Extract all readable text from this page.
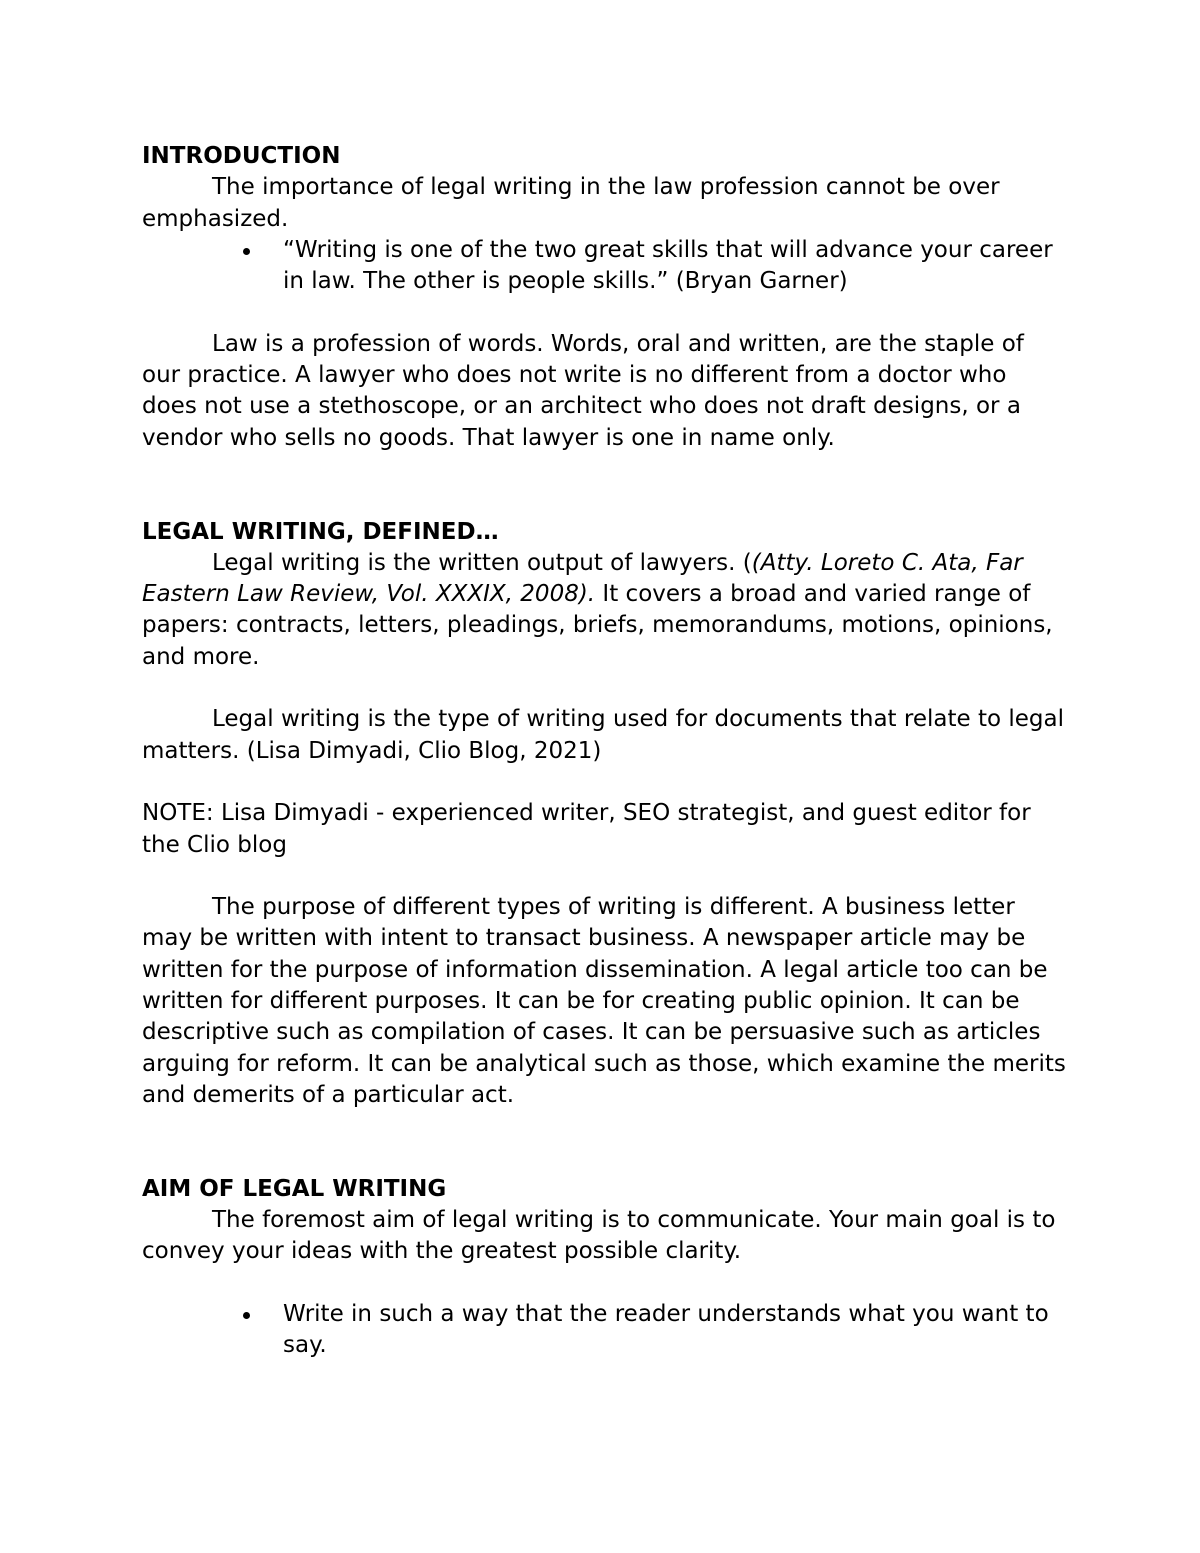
INTRODUCTION

The importance of legal writing in the law profession cannot be over emphasized.

“Writing is one of the two great skills that will advance your career in law. The other is people skills.” (Bryan Garner)

Law is a profession of words. Words, oral and written, are the staple of our practice. A lawyer who does not write is no different from a doctor who does not use a stethoscope, or an architect who does not draft designs, or a vendor who sells no goods. That lawyer is one in name only.

LEGAL WRITING, DEFINED…

Legal writing is the written output of lawyers. ((Atty. Loreto C. Ata, Far Eastern Law Review, Vol. XXXIX, 2008). It covers a broad and varied range of papers: contracts, letters, pleadings, briefs, memorandums, motions, opinions, and more.

Legal writing is the type of writing used for documents that relate to legal matters. (Lisa Dimyadi, Clio Blog, 2021)

NOTE: Lisa Dimyadi - experienced writer, SEO strategist, and guest editor for the Clio blog

The purpose of different types of writing is different. A business letter may be written with intent to transact business. A newspaper article may be written for the purpose of information dissemination. A legal article too can be written for different purposes. It can be for creating public opinion. It can be descriptive such as compilation of cases. It can be persuasive such as articles arguing for reform. It can be analytical such as those, which examine the merits and demerits of a particular act.

AIM OF LEGAL WRITING

The foremost aim of legal writing is to communicate. Your main goal is to convey your ideas with the greatest possible clarity.

Write in such a way that the reader understands what you want to say.
